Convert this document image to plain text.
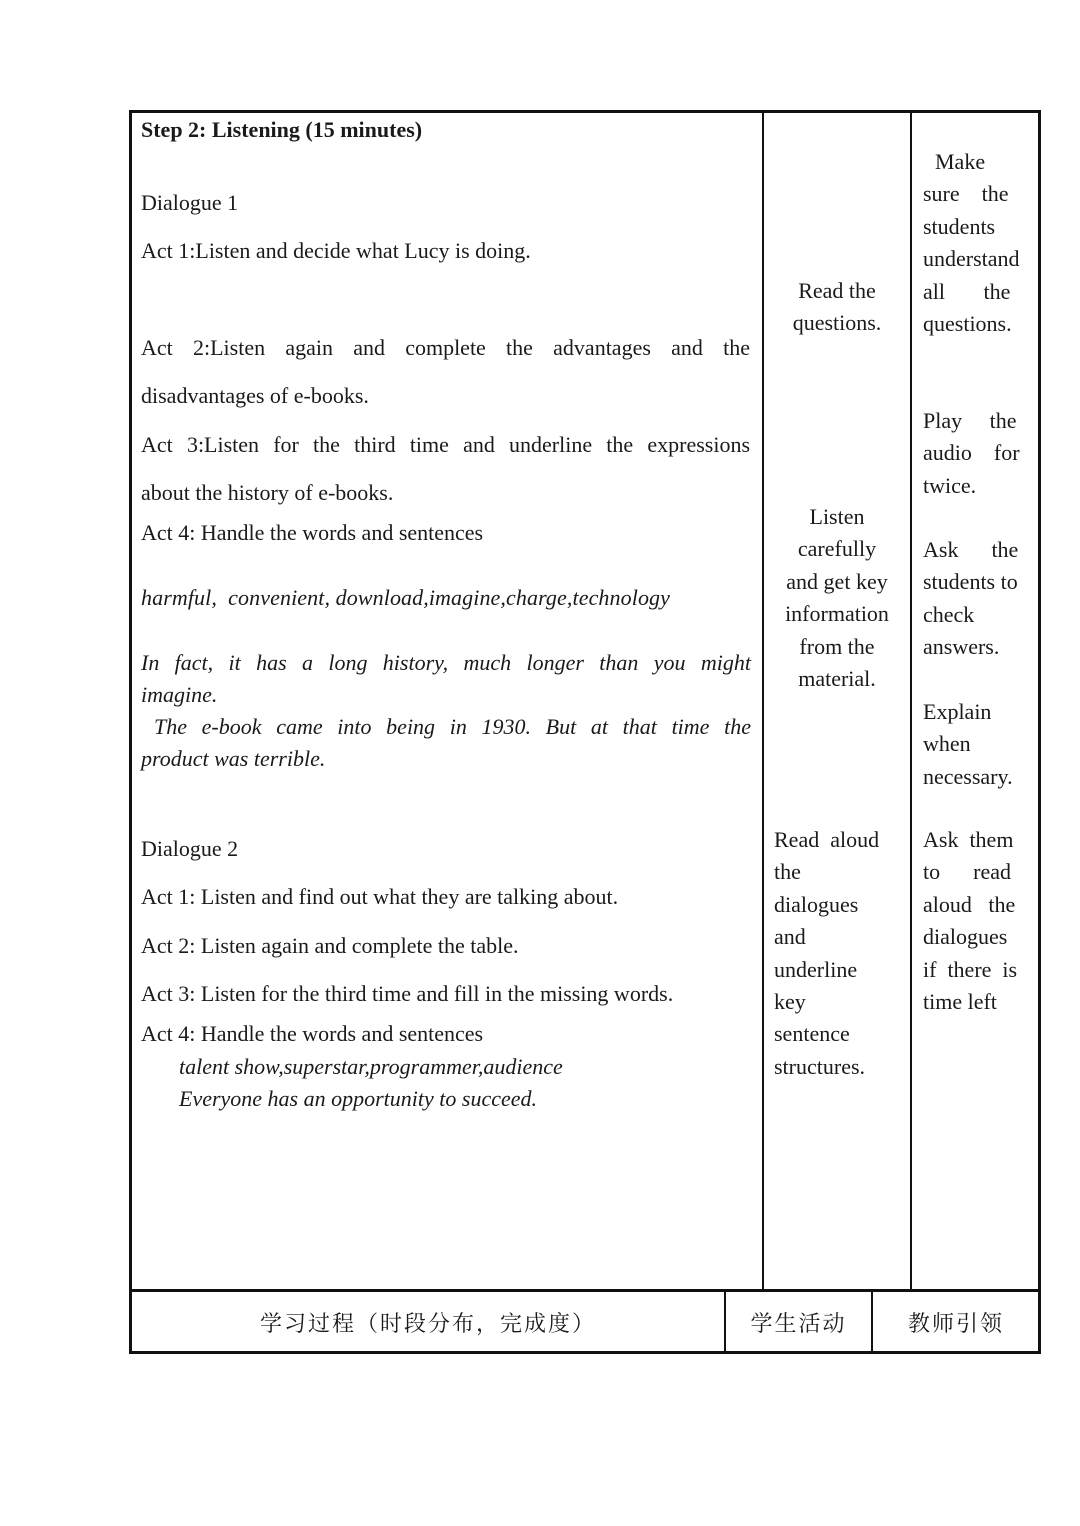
Step 2: Listening (15 minutes)
Dialogue 1
Act 1:Listen and decide what Lucy is doing.
Act 2:Listen again and complete the advantages and the
disadvantages of e-books.
Act 3:Listen for the third time and underline the expressions
about the history of e-books.
Act 4: Handle the words and sentences
harmful,  convenient, download,imagine,charge,technology
In fact, it has a long history, much longer than you might
imagine.
The e-book came into being in 1930. But at that time the
product was terrible.
Dialogue 2
Act 1: Listen and find out what they are talking about.
Act 2: Listen again and complete the table.
Act 3: Listen for the third time and fill in the missing words.
Act 4: Handle the words and sentences
talent show,superstar,programmer,audience
Everyone has an opportunity to succeed.
Read the
questions.
Listen
carefully
and get key
information
from the
material.
Read  aloud
the
dialogues
and
underline
key
sentence
structures.
Make
sure    the
students
understand
all       the
questions.
Play     the
audio    for
twice.
Ask      the
students to
check
answers.
Explain
when
necessary.
Ask  them
to      read
aloud   the
dialogues
if  there  is
time left
学习过程（时段分布，完成度）	学生活动	教师引领
